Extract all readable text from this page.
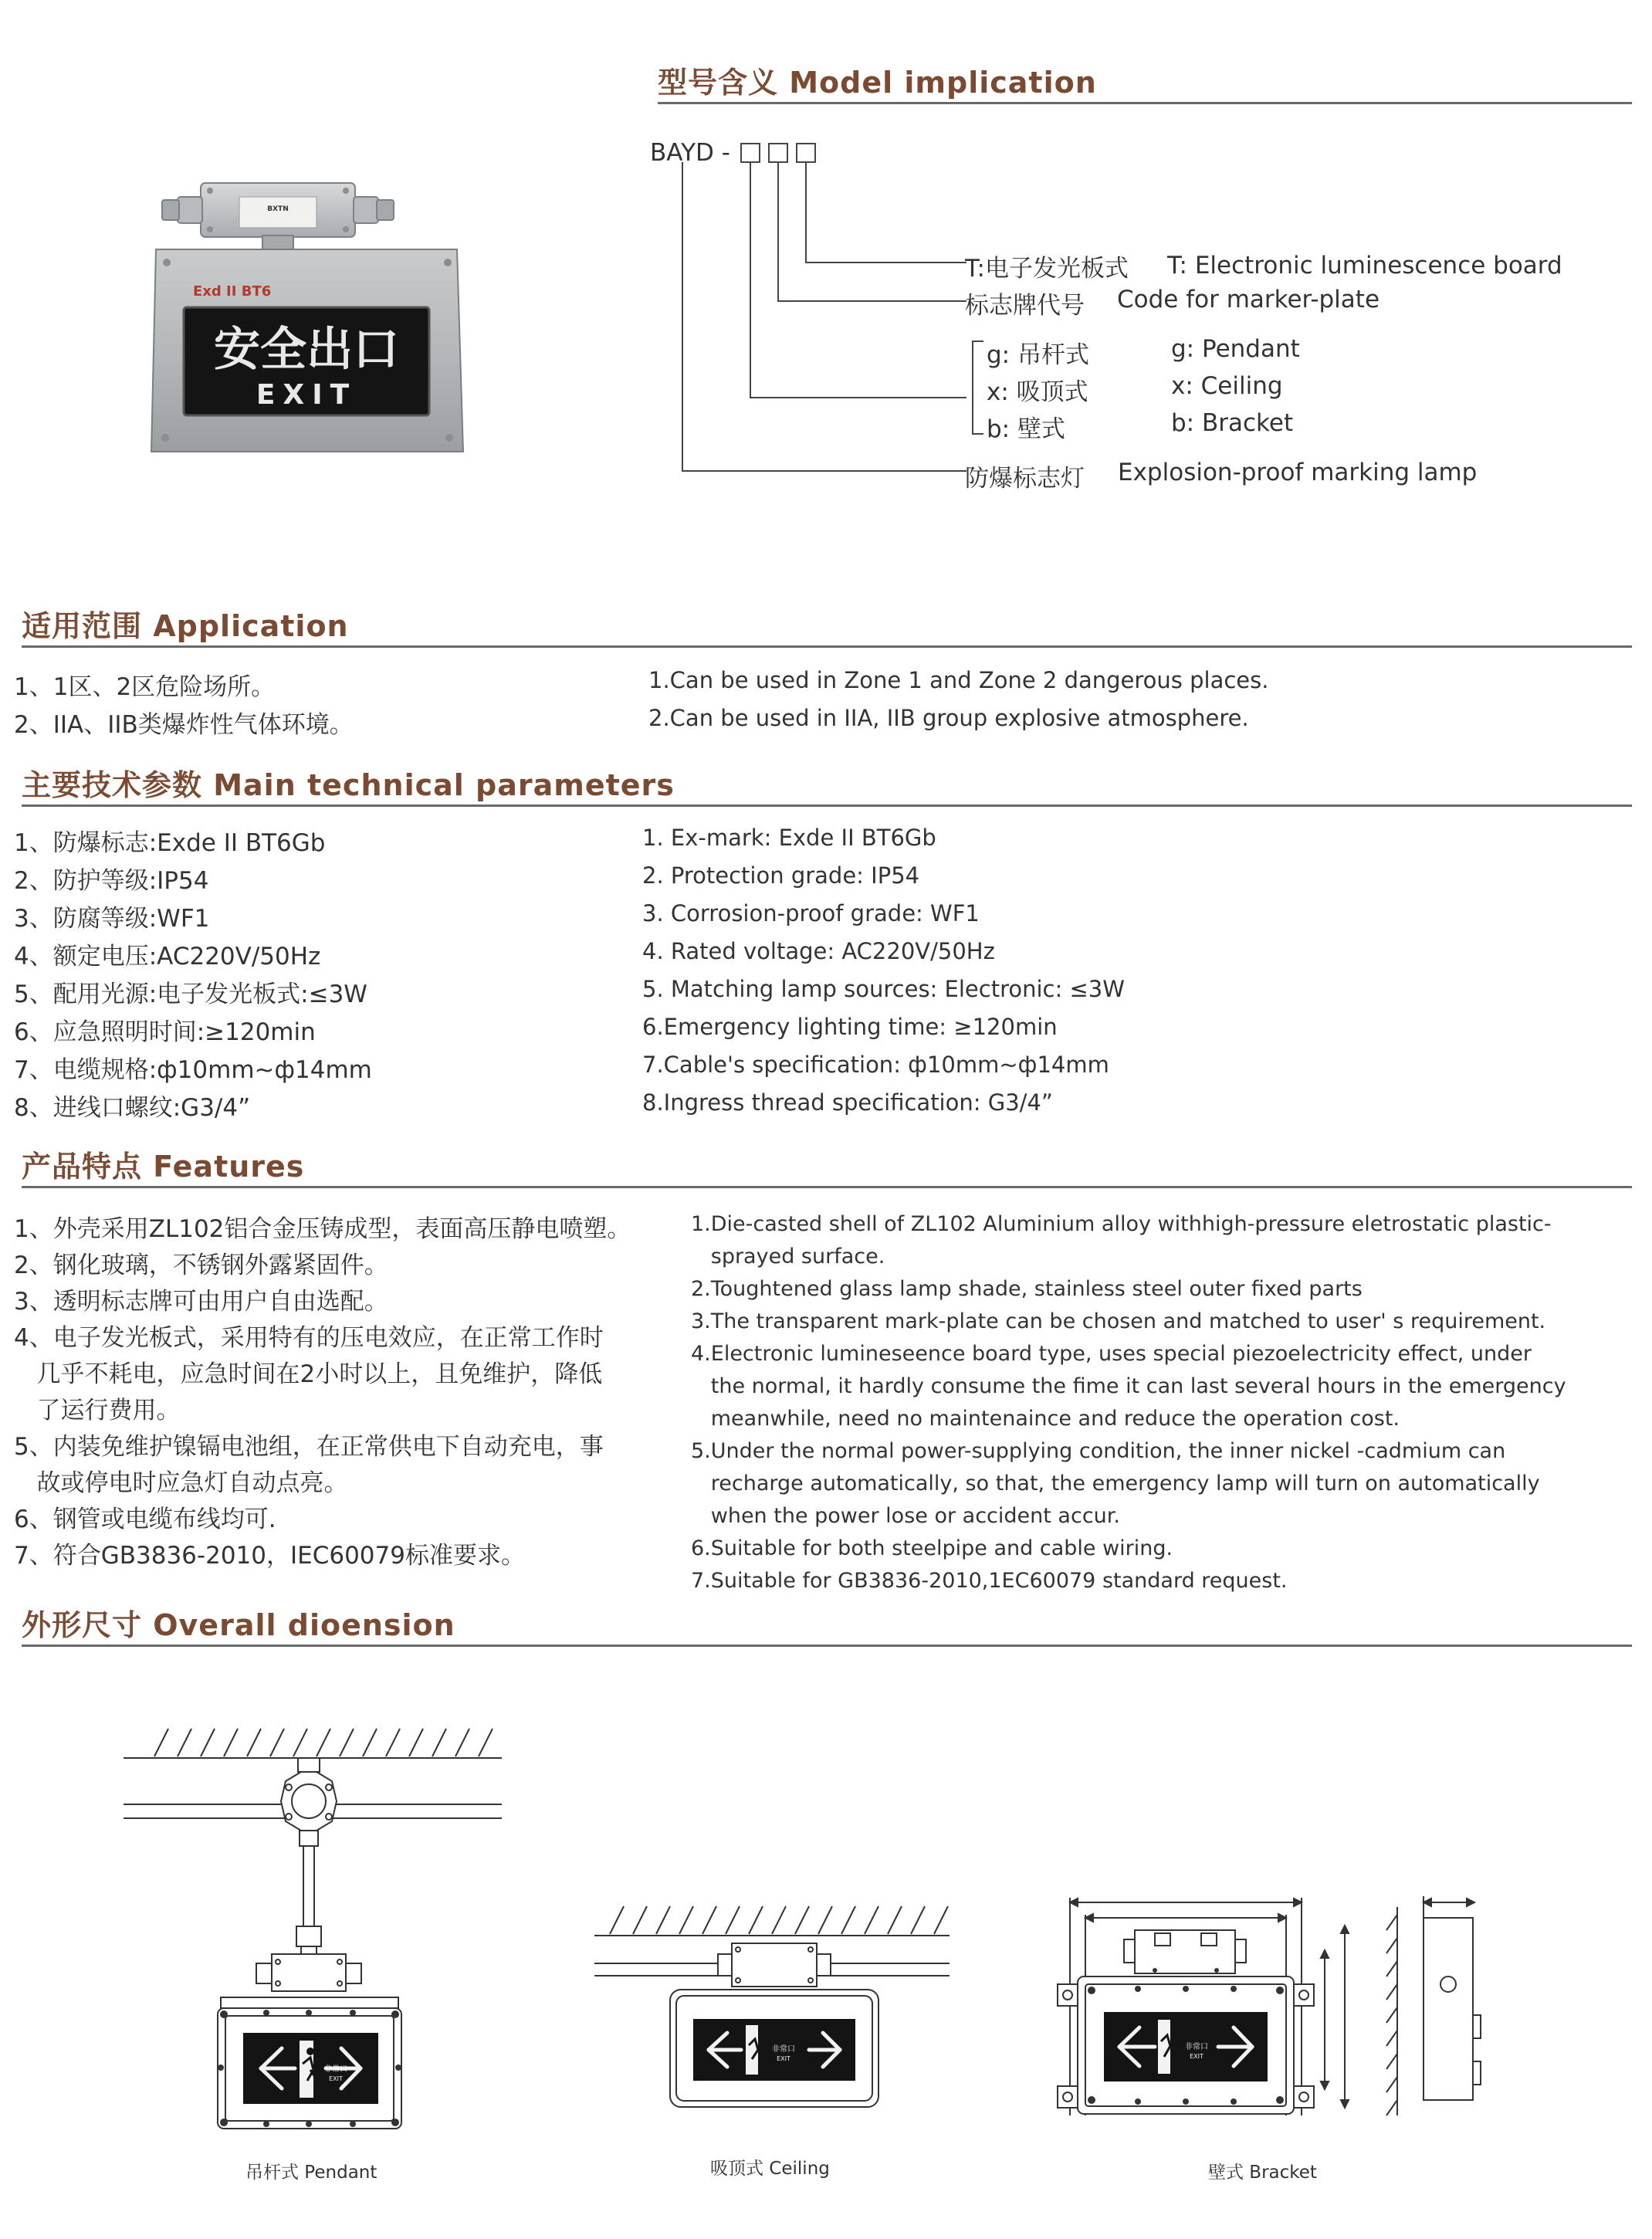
型号含义 Model implication
BXTN
Exd II BT6
安全出口
EXIT
BAYD -
T:电子发光板式 T: Electronic luminescence board
标志牌代号 Code for marker-plate
g: 吊杆式	g: Pendant
x: 吸顶式	x: Ceiling
b: 壁式	b: Bracket
防爆标志灯 Explosion-proof marking lamp
适用范围 Application
1、1区、2区危险场所。
2、IIA、IIB类爆炸性气体环境。
1.Can be used in Zone 1 and Zone 2 dangerous places.
2.Can be used in IIA, IIB group explosive atmosphere.
主要技术参数 Main technical parameters
1、防爆标志:Exde II BT6Gb
2、防护等级:IP54
3、防腐等级:WF1
4、额定电压:AC220V/50Hz
5、配用光源:电子发光板式:≤3W
6、应急照明时间:≥120min
7、电缆规格:ф10mm~ф14mm
8、进线口螺纹:G3/4”
1. Ex-mark: Exde II BT6Gb
2. Protection grade: IP54
3. Corrosion-proof grade: WF1
4. Rated voltage: AC220V/50Hz
5. Matching lamp sources: Electronic: ≤3W
6.Emergency lighting time: ≥120min
7.Cable's specification: ф10mm~ф14mm
8.Ingress thread specification: G3/4”
产品特点 Features
1、外壳采用ZL102铝合金压铸成型，表面高压静电喷塑。
2、钢化玻璃，不锈钢外露紧固件。
3、透明标志牌可由用户自由选配。
4、电子发光板式，采用特有的压电效应，在正常工作时
几乎不耗电，应急时间在2小时以上，且免维护，降低
了运行费用。
5、内装免维护镍镉电池组，在正常供电下自动充电，事
故或停电时应急灯自动点亮。
6、钢管或电缆布线均可.
7、符合GB3836-2010，IEC60079标准要求。
1.Die-casted shell of ZL102 Aluminium alloy withhigh-pressure eletrostatic plastic-
sprayed surface.
2.Toughtened glass lamp shade, stainless steel outer fixed parts
3.The transparent mark-plate can be chosen and matched to user' s requirement.
4.Electronic lumineseence board type, uses special piezoelectricity effect, under
the normal, it hardly consume the fime it can last several hours in the emergency
meanwhile, need no maintenaince and reduce the operation cost.
5.Under the normal power-supplying condition, the inner nickel -cadmium can
recharge automatically, so that, the emergency lamp will turn on automatically
when the power lose or accident accur.
6.Suitable for both steelpipe and cable wiring.
7.Suitable for GB3836-2010,1EC60079 standard request.
外形尺寸 Overall dioension
非常口
EXIT
吊杆式 Pendant
非常口
EXIT
吸顶式 Ceiling
非常口
EXIT
壁式 Bracket
